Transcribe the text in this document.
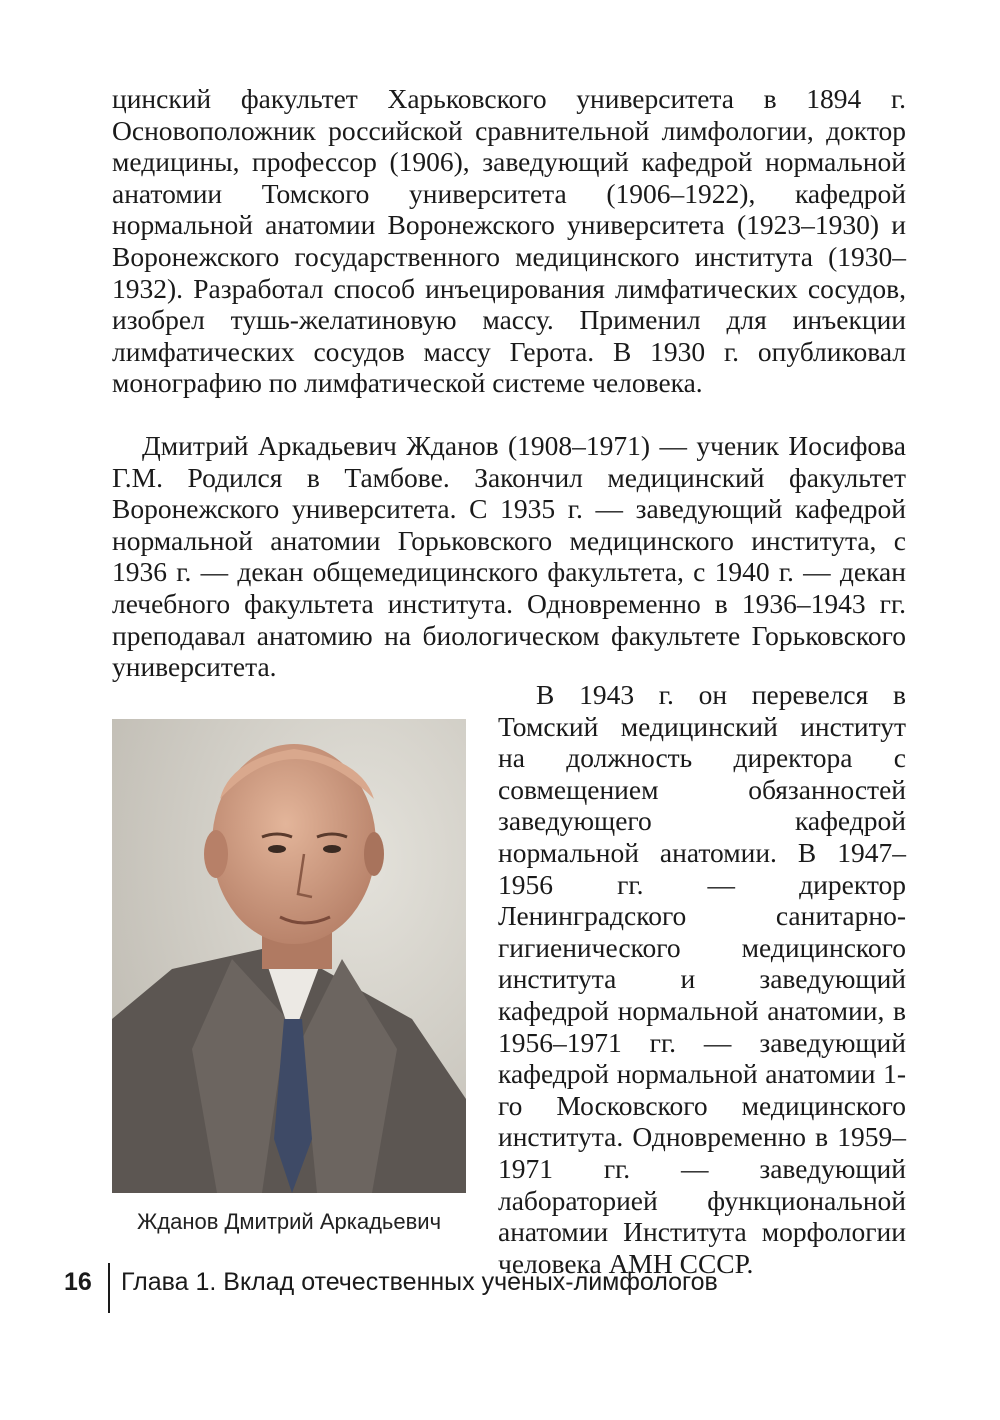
цинский факультет Харьковского университета в 1894 г. Основоположник российской сравнительной лимфологии, доктор медицины, профессор (1906), заведующий кафедрой нормальной анатомии Томского университета (1906–1922), кафедрой нормальной анатомии Воронежского университета (1923–1930) и Воронежского государственного медицинского института (1930–1932). Разработал способ инъецирования лимфатических сосудов, изобрел тушь-желатиновую массу. Применил для инъекции лимфатических сосудов массу Герота. В 1930 г. опубликовал монографию по лимфатической системе человека.
Дмитрий Аркадьевич Жданов (1908–1971) — ученик Иосифова Г.М. Родился в Тамбове. Закончил медицинский факультет Воронежского университета. С 1935 г. — заведующий кафедрой нормальной анатомии Горьковского медицинского института, с 1936 г. — декан общемедицинского факультета, с 1940 г. — декан лечебного факультета института. Одновременно в 1936–1943 гг. преподавал анатомию на биологическом факультете Горьковского университета.
Жданов Дмитрий Аркадьевич
В 1943 г. он перевелся в Томский медицинский институт на должность директора с совмещением обязанностей заведующего кафедрой нормальной анатомии. В 1947–1956 гг. — директор Ленинградского санитарно-гигиенического медицинского института и заведующий кафедрой нормальной анатомии, в 1956–1971 гг. — заведующий кафедрой нормальной анатомии 1-го Московского медицинского института. Одновременно в 1959–1971 гг. — заведующий лабораторией функциональной анатомии Института морфологии человека АМН СССР.
16 Глава 1. Вклад отечественных ученых-лимфологов
